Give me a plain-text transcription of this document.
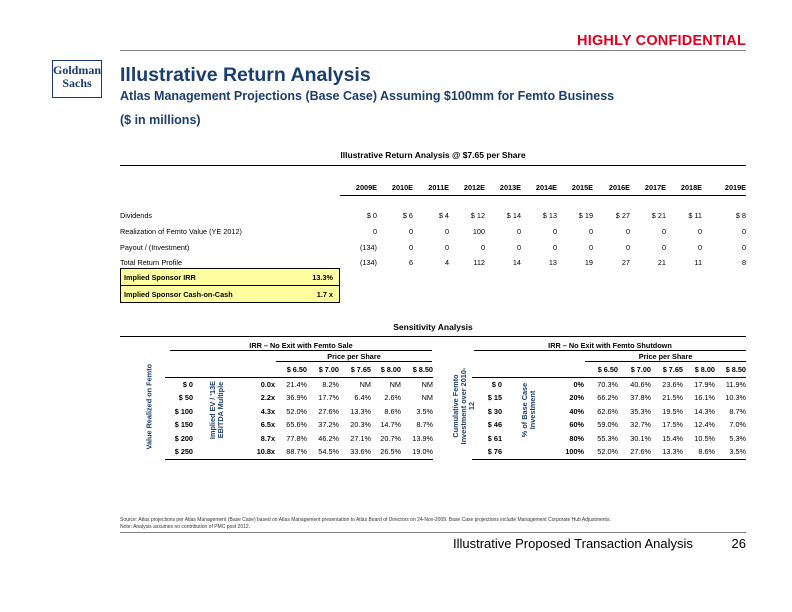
HIGHLY CONFIDENTIAL
Goldman
Sachs	Illustrative Return Analysis
Atlas Management Projections (Base Case) Assuming $100mm for Femto Business
($ in millions)
Illustrative Return Analysis @ $7.65 per Share
	2009E	2010E	2011E	2012E	2013E	2014E	2015E	2016E	2017E	2018E	2019E

Dividends	$ 0	$ 6	$ 4	$ 12	$ 14	$ 13	$ 19	$ 27	$ 21	$ 11	$ 8
Realization of Femto Value (YE 2012)	0	0	0	100	0	0	0	0	0	0	0
Payout / (Investment)	(134)	0	0	0	0	0	0	0	0	0	0
Total Return Profile	(134)	6	4	112	14	13	19	27	21	11	8
Implied Sponsor IRR	13.3%
Implied Sponsor Cash-on-Cash	1.7 x
Sensitivity Analysis
IRR – No Exit with Femto Sale
Price per Share
Value Realized on Femto	Implied EV / '13E EBITDA Multiple
			$ 6.50	$ 7.00	$ 7.65	$ 8.00	$ 8.50
$ 0		0.0x	21.4%	8.2%	NM	NM	NM
$ 50		2.2x	36.9%	17.7%	6.4%	2.6%	NM
$ 100		4.3x	52.0%	27.6%	13.3%	8.6%	3.5%
$ 150		6.5x	65.6%	37.2%	20.3%	14.7%	8.7%
$ 200		8.7x	77.8%	46.2%	27.1%	20.7%	13.9%
$ 250		10.8x	88.7%	54.5%	33.6%	26.5%	19.0%
IRR – No Exit with Femto Shutdown
Price per Share
Cumulative Femto Investment over 2010-12	% of Base Case Investment
			$ 6.50	$ 7.00	$ 7.65	$ 8.00	$ 8.50
$ 0		0%	70.3%	40.6%	23.6%	17.9%	11.9%
$ 15		20%	66.2%	37.8%	21.5%	16.1%	10.3%
$ 30		40%	62.6%	35.3%	19.5%	14.3%	8.7%
$ 46		60%	59.0%	32.7%	17.5%	12.4%	7.0%
$ 61		80%	55.3%	30.1%	15.4%	10.5%	5.3%
$ 76		100%	52.0%	27.6%	13.3%	8.6%	3.5%
Source: Atlas projections per Atlas Management (Base Case) based on Atlas Management presentation to Atlas Board of Directors on 24-Nov-2009. Base Case projections include Management Corporate Hub Adjustments.
Note: Analysis assumes no contribution of PMC post 2012.
Illustrative Proposed Transaction Analysis	26
